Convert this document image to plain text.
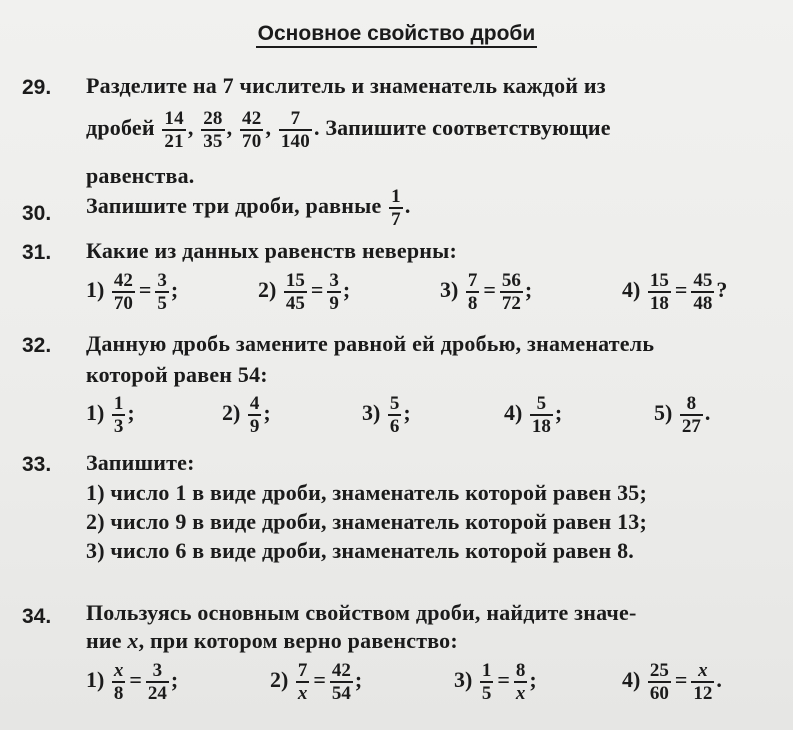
Основное свойство дроби
29. Разделите на 7 числитель и знаменатель каждой из
дробей $\frac{14}{21}$ , $\frac{28}{35}$ , $\frac{42}{70}$ , $\frac{7}{140}$ . Запишите соответствующие
равенства.
30. Запишите три дроби, равные $\frac{1}{7}$ .
31. Какие из данных равенств неверны:
$1) \frac{42}{70} = \frac{3}{5}$ ;	$2) \frac{15}{45} = \frac{3}{9}$ ;	$3) \frac{7}{8} = \frac{56}{72}$ ;	$4) \frac{15}{18} = \frac{45}{48}$ ?
32. Данную дробь замените равной ей дробью, знаменатель
которой равен 54:
$1) \frac{1}{3}$ ;	$2) \frac{4}{9}$ ;	$3) \frac{5}{6}$ ;	$4) \frac{5}{18}$ ;	$5) \frac{8}{27}$ .
33. Запишите:
1) число 1 в виде дроби, знаменатель которой равен 35;
2) число 9 в виде дроби, знаменатель которой равен 13;
3) число 6 в виде дроби, знаменатель которой равен 8.
34. Пользуясь основным свойством дроби, найдите значе-
ние x, при котором верно равенство:
$1) \frac{x}{8} = \frac{3}{24}$ ;	$2) \frac{7}{x} = \frac{42}{54}$ ;	$3) \frac{1}{5} = \frac{8}{x}$ ;	$4) \frac{25}{60} = \frac{x}{12}$ .
